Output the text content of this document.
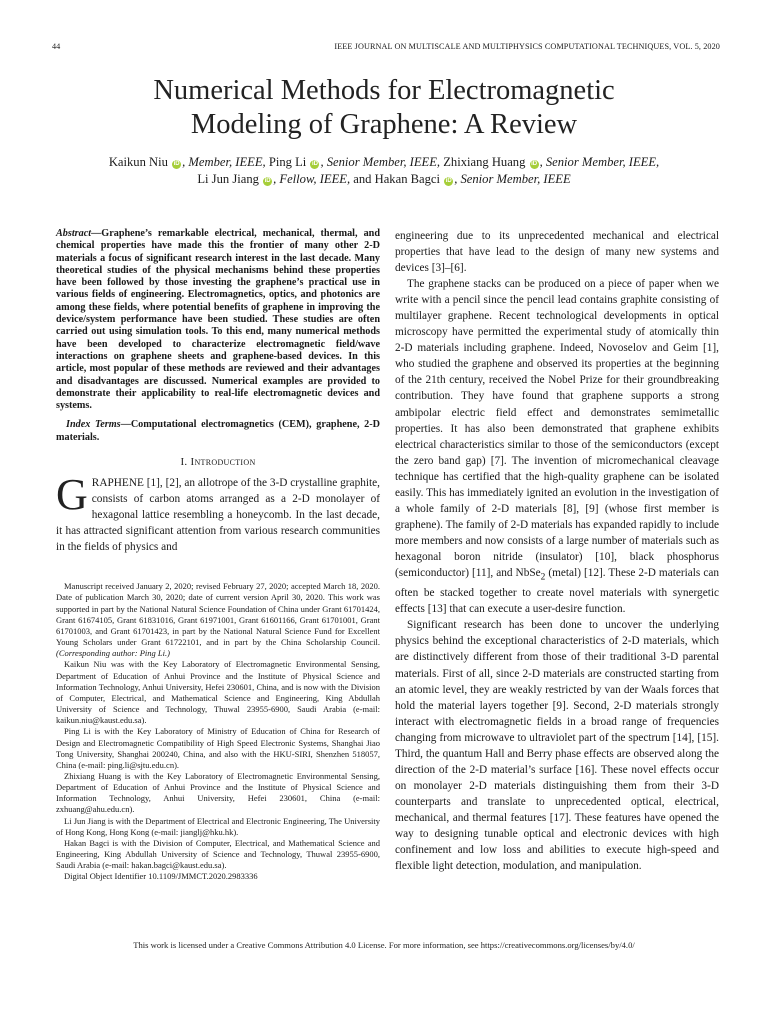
44	IEEE JOURNAL ON MULTISCALE AND MULTIPHYSICS COMPUTATIONAL TECHNIQUES, VOL. 5, 2020
Numerical Methods for Electromagnetic
Modeling of Graphene: A Review
Kaikun Niu iD , Member, IEEE, Ping Li iD , Senior Member, IEEE, Zhixiang Huang iD , Senior Member, IEEE,
Li Jun Jiang iD , Fellow, IEEE, and Hakan Bagci iD , Senior Member, IEEE

Abstract—Graphene’s remarkable electrical, mechanical, thermal, and chemical properties have made this the frontier of many other 2-D materials a focus of significant research interest in the last decade. Many theoretical studies of the physical mechanisms behind these properties have been followed by those investing the graphene’s practical use in various fields of engineering. Electromagnetics, optics, and photonics are among these fields, where potential benefits of graphene in improving the device/system performance have been studied. These studies are often carried out using simulation tools. To this end, many numerical methods have been developed to characterize electromagnetic field/wave interactions on graphene sheets and graphene-based devices. In this article, most popular of these methods are reviewed and their advantages and disadvantages are discussed. Numerical examples are provided to demonstrate their applicability to real-life electromagnetic devices and systems.

Index Terms—Computational electromagnetics (CEM), graphene, 2-D materials.

I. Introduction

GRAPHENE [1], [2], an allotrope of the 3-D crystalline graphite, consists of carbon atoms arranged as a 2-D monolayer of hexagonal lattice resembling a honeycomb. In the last decade, it has attracted significant attention from various research communities in the fields of physics and

Manuscript received January 2, 2020; revised February 27, 2020; accepted March 18, 2020. Date of publication March 30, 2020; date of current version April 30, 2020. This work was supported in part by the National Natural Science Foundation of China under Grant 61701424, Grant 61674105, Grant 61831016, Grant 61971001, Grant 61601166, Grant 61701001, Grant 61701003, and Grant 61701423, in part by the National Natural Science Fund for Excellent Young Scholars under Grant 61722101, and in part by the China Scholarship Council. (Corresponding author: Ping Li.)

Kaikun Niu was with the Key Laboratory of Electromagnetic Environmental Sensing, Department of Education of Anhui Province and the Institute of Physical Science and Information Technology, Anhui University, Hefei 230601, China, and is now with the Division of Computer, Electrical, and Mathematical Science and Engineering, King Abdullah University of Science and Technology, Thuwal 23955-6900, Saudi Arabia (e-mail: kaikun.niu@kaust.edu.sa).

Ping Li is with the Key Laboratory of Ministry of Education of China for Research of Design and Electromagnetic Compatibility of High Speed Electronic Systems, Shanghai Jiao Tong University, Shanghai 200240, China, and also with the HKU-SIRI, Shenzhen 518057, China (e-mail: ping.li@sjtu.edu.cn).

Zhixiang Huang is with the Key Laboratory of Electromagnetic Environmental Sensing, Department of Education of Anhui Province and the Institute of Physical Science and Information Technology, Anhui University, Hefei 230601, China (e-mail: zxhuang@ahu.edu.cn).

Li Jun Jiang is with the Department of Electrical and Electronic Engineering, The University of Hong Kong, Hong Kong (e-mail: jianglj@hku.hk).

Hakan Bagci is with the Division of Computer, Electrical, and Mathematical Science and Engineering, King Abdullah University of Science and Technology, Thuwal 23955-6900, Saudi Arabia (e-mail: hakan.bagci@kaust.edu.sa).

Digital Object Identifier 10.1109/JMMCT.2020.2983336

engineering due to its unprecedented mechanical and electrical properties that have lead to the design of many new systems and devices [3]–[6].

The graphene stacks can be produced on a piece of paper when we write with a pencil since the pencil lead contains graphite consisting of multilayer graphene. Recent technological developments in optical microscopy have permitted the experimental study of atomically thin 2-D materials including graphene. Indeed, Novoselov and Geim [1], who studied the graphene and observed its properties at the beginning of the 21th century, received the Nobel Prize for their groundbreaking contribution. They have found that graphene supports a strong ambipolar electric field effect and demonstrates semimetallic properties. It has also been demonstrated that graphene exhibits electrical characteristics similar to those of the semiconductors (except the zero band gap) [7]. The invention of micromechanical cleavage technique has certified that the high-quality graphene can be isolated easily. This has immediately ignited an evolution in the investigation of a whole family of 2-D materials [8], [9] (whose first member is graphene). The family of 2-D materials has expanded rapidly to include more members and now consists of a large number of materials such as hexagonal boron nitride (insulator) [10], black phosphorus (semiconductor) [11], and NbSe$_2$ (metal) [12]. These 2-D materials can often be stacked together to create novel materials with synergetic effects [13] that can execute a user-desire function.

Significant research has been done to uncover the underlying physics behind the exceptional characteristics of 2-D materials, which are distinctively different from those of their traditional 3-D parental materials. First of all, since 2-D materials are constructed starting from an atomic level, they are weakly restricted by van der Waals forces that hold the material layers together [9]. Second, 2-D materials strongly interact with electromagnetic fields in a broad range of frequencies changing from microwave to ultraviolet part of the spectrum [14], [15]. Third, the quantum Hall and Berry phase effects are observed along the direction of the 2-D material’s surface [16]. These novel effects occur on monolayer 2-D materials distinguishing them from their 3-D counterparts and translate to unprecedented optical, electrical, mechanical, and thermal features [17]. These features have opened the way to designing tunable optical and electronic devices with high confinement and low loss and abilities to execute high-speed and flexible light detection, modulation, and manipulation.

This work is licensed under a Creative Commons Attribution 4.0 License. For more information, see https://creativecommons.org/licenses/by/4.0/
